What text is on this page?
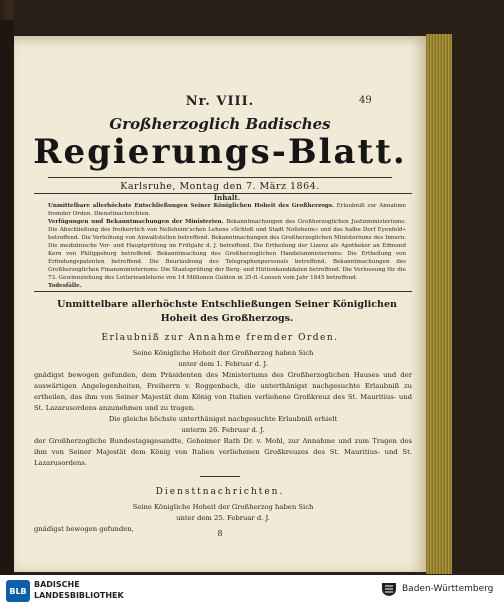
49
Nr. VIII.
Großherzoglich Badisches
Regierungs-Blatt.
Karlsruhe, Montag den 7. März 1864.
Inhalt.
Unmittelbare allerhöchste Entschließungen Seiner Königlichen Hoheit des Großherzogs. Erlaubniß zur Annahme fremder Orden. Diensttnachrichten.
Verfügungen und Bekanntmachungen der Ministerien. Bekanntmachungen des Großherzoglichen Justizministeriums: Die Abschließung des freiherrlich von Nollsheim'schen Lehens »Schloß und Stadt Nollsheim« und das halbe Dorf Eyenfeld« betreffend. Die Verleihung von Anwaltstellen betreffend. Bekanntmachungen des Großherzoglichen Ministeriums des Innern: Die medizinische Vor- und Hauptprüfung im Frühjahr d. J. betreffend. Die Ertheilung der Lizenz als Apotheker an Edmund Kern von Philippsburg betreffend. Bekanntmachung des Großherzoglichen Handelsministeriums: Die Ertheilung von Erfindungspatenten betreffend. Die Beurlaubung des Telegraphenpersonals betreffend. Bekanntmachungen des Großherzoglichen Finanzministeriums: Die Staatsprüfung der Berg- und Hüttenkandidaten betreffend. Die Verloosung für die 73. Gewinnziehung des Lotterieanlehens von 14 Millionen Gulden in 35-fl.-Loosen vom Jahr 1845 betreffend.
Todesfälle.
Unmittelbare allerhöchste Entschließungen Seiner Königlichen Hoheit des Großherzogs.
Erlaubniß zur Annahme fremder Orden.
Seine Königliche Hoheit der Großherzog haben Sich
unter dem 1. Februar d. J.
gnädigst bewogen gefunden, dem Präsidenten des Ministeriums des Großherzoglichen Hauses und der auswärtigen Angelegenheiten, Freiherrn v. Roggenbach, die unterthänigst nachgesuchte Erlaubniß zu ertheilen, das ihm von Seiner Majestät dem König von Italien verliehene Großkreuz des St. Mauritius- und St. Lazarusordens anzunehmen und zu tragen.
Die gleiche höchste unterthänigst nachgesuchte Erlaubniß erhielt
unterm 26. Februar d. J.
der Großherzogliche Bundestagsgesandte, Geheimer Rath Dr. v. Mohl, zur Annahme und zum Tragen des ihm von Seiner Majestät dem König von Italien verliehenen Großkreuzes des St. Mauritius- und St. Lazarusordens.
Diensttnachrichten.
Seine Königliche Hoheit der Großherzog haben Sich
unter dem 25. Februar d. J.
gnädigst bewogen gefunden,	8
BLB
BADISCHE
LANDESBIBLIOTHEK
Baden-Württemberg
